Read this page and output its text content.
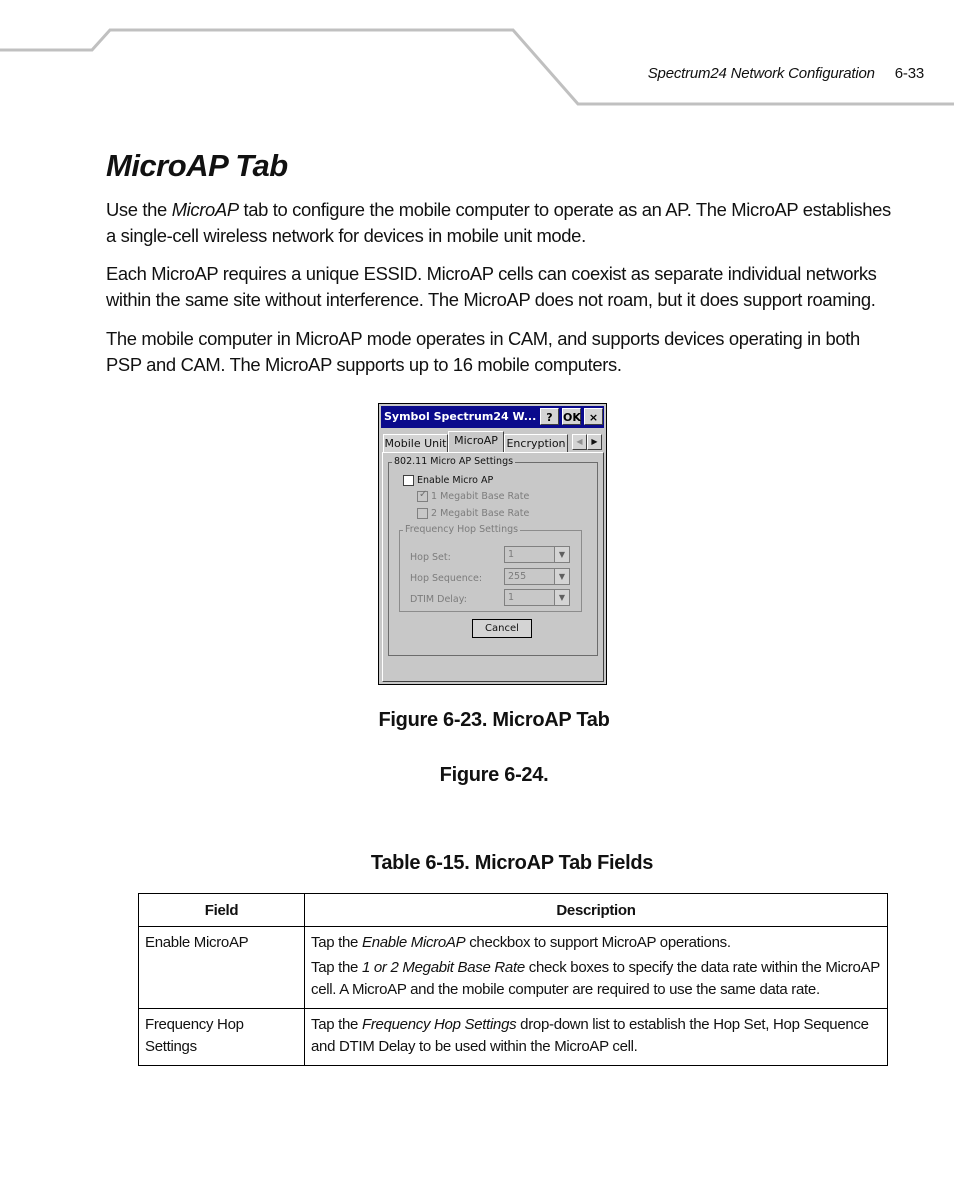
Spectrum24 Network Configuration 6-33
MicroAP Tab

Use the MicroAP tab to configure the mobile computer to operate as an AP. The MicroAP establishes a single-cell wireless network for devices in mobile unit mode.

Each MicroAP requires a unique ESSID. MicroAP cells can coexist as separate individual networks within the same site without interference. The MicroAP does not roam, but it does support roaming.

The mobile computer in MicroAP mode operates in CAM, and supports devices operating in both PSP and CAM. The MicroAP supports up to 16 mobile computers.

Symbol Spectrum24 W... ? OK ×
Mobile Unit MicroAP Encryption	◀	▶
802.11 Micro AP Settings
Enable Micro AP
✓ 1 Megabit Base Rate
2 Megabit Base Rate
Frequency Hop Settings
Hop Set:	1	▼
Hop Sequence:	255	▼
DTIM Delay:	1	▼
Cancel

Figure 6-23. MicroAP Tab

Figure 6-24.

Table 6-15. MicroAP Tab Fields

Field	Description
Enable MicroAP	Tap the Enable MicroAP checkbox to support MicroAP operations.

Tap the 1 or 2 Megabit Base Rate check boxes to specify the data rate within the MicroAP cell. A MicroAP and the mobile computer are required to use the same data rate.

Frequency Hop Settings	Tap the Frequency Hop Settings drop-down list to establish the Hop Set, Hop Sequence and DTIM Delay to be used within the MicroAP cell.
